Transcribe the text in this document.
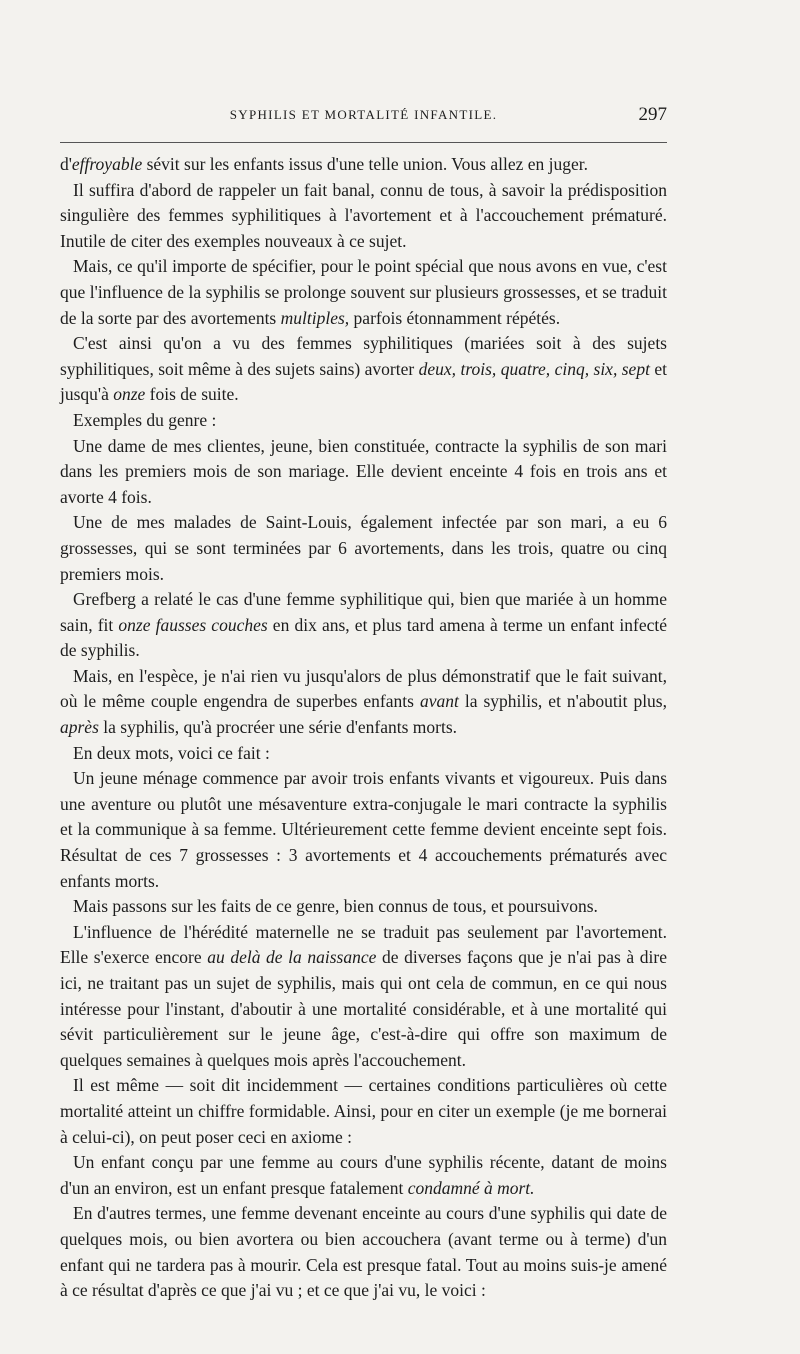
SYPHILIS ET MORTALITÉ INFANTILE.	297

d'effroyable sévit sur les enfants issus d'une telle union. Vous allez en juger.

Il suffira d'abord de rappeler un fait banal, connu de tous, à savoir la prédisposition singulière des femmes syphilitiques à l'avortement et à l'accouchement prématuré. Inutile de citer des exemples nouveaux à ce sujet.

Mais, ce qu'il importe de spécifier, pour le point spécial que nous avons en vue, c'est que l'influence de la syphilis se prolonge souvent sur plusieurs grossesses, et se traduit de la sorte par des avortements multiples, parfois étonnamment répétés.

C'est ainsi qu'on a vu des femmes syphilitiques (mariées soit à des sujets syphilitiques, soit même à des sujets sains) avorter deux, trois, quatre, cinq, six, sept et jusqu'à onze fois de suite.

Exemples du genre :

Une dame de mes clientes, jeune, bien constituée, contracte la syphilis de son mari dans les premiers mois de son mariage. Elle devient enceinte 4 fois en trois ans et avorte 4 fois.

Une de mes malades de Saint-Louis, également infectée par son mari, a eu 6 grossesses, qui se sont terminées par 6 avortements, dans les trois, quatre ou cinq premiers mois.

Grefberg a relaté le cas d'une femme syphilitique qui, bien que mariée à un homme sain, fit onze fausses couches en dix ans, et plus tard amena à terme un enfant infecté de syphilis.

Mais, en l'espèce, je n'ai rien vu jusqu'alors de plus démonstratif que le fait suivant, où le même couple engendra de superbes enfants avant la syphilis, et n'aboutit plus, après la syphilis, qu'à procréer une série d'enfants morts.

En deux mots, voici ce fait :

Un jeune ménage commence par avoir trois enfants vivants et vigoureux. Puis dans une aventure ou plutôt une mésaventure extra-conjugale le mari contracte la syphilis et la communique à sa femme. Ultérieurement cette femme devient enceinte sept fois. Résultat de ces 7 grossesses : 3 avortements et 4 accouchements prématurés avec enfants morts.

Mais passons sur les faits de ce genre, bien connus de tous, et poursuivons.

L'influence de l'hérédité maternelle ne se traduit pas seulement par l'avortement. Elle s'exerce encore au delà de la naissance de diverses façons que je n'ai pas à dire ici, ne traitant pas un sujet de syphilis, mais qui ont cela de commun, en ce qui nous intéresse pour l'instant, d'aboutir à une mortalité considérable, et à une mortalité qui sévit particulièrement sur le jeune âge, c'est-à-dire qui offre son maximum de quelques semaines à quelques mois après l'accouchement.

Il est même — soit dit incidemment — certaines conditions particulières où cette mortalité atteint un chiffre formidable. Ainsi, pour en citer un exemple (je me bornerai à celui-ci), on peut poser ceci en axiome :

Un enfant conçu par une femme au cours d'une syphilis récente, datant de moins d'un an environ, est un enfant presque fatalement condamné à mort.

En d'autres termes, une femme devenant enceinte au cours d'une syphilis qui date de quelques mois, ou bien avortera ou bien accouchera (avant terme ou à terme) d'un enfant qui ne tardera pas à mourir. Cela est presque fatal. Tout au moins suis-je amené à ce résultat d'après ce que j'ai vu ; et ce que j'ai vu, le voici :
